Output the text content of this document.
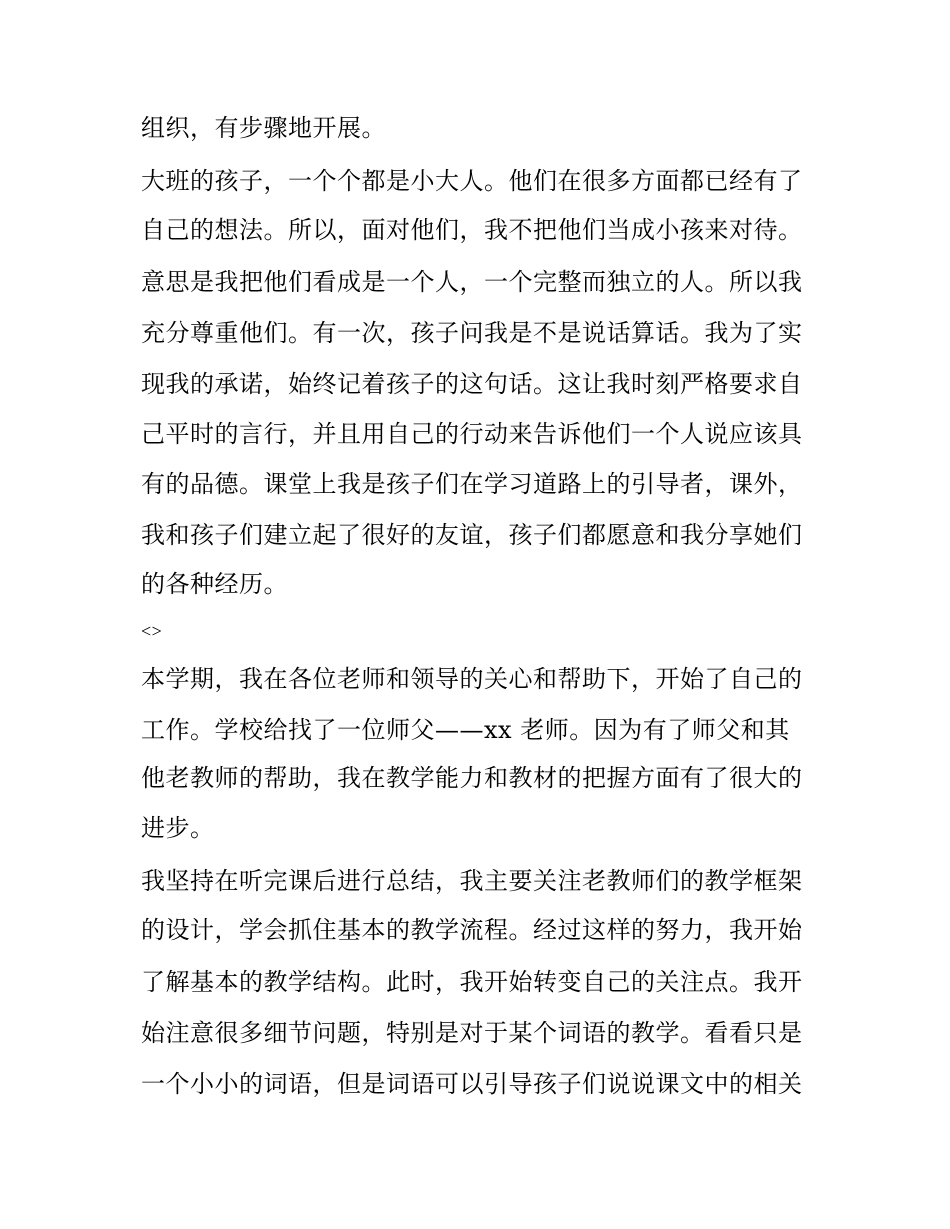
组织，有步骤地开展。
大班的孩子，一个个都是小大人。他们在很多方面都已经有了
自己的想法。所以，面对他们，我不把他们当成小孩来对待。
意思是我把他们看成是一个人，一个完整而独立的人。所以我
充分尊重他们。有一次，孩子问我是不是说话算话。我为了实
现我的承诺，始终记着孩子的这句话。这让我时刻严格要求自
己平时的言行，并且用自己的行动来告诉他们一个人说应该具
有的品德。课堂上我是孩子们在学习道路上的引导者，课外，
我和孩子们建立起了很好的友谊，孩子们都愿意和我分享她们
的各种经历。
<>
本学期，我在各位老师和领导的关心和帮助下，开始了自己的
工作。学校给找了一位师父——xx 老师。因为有了师父和其
他老教师的帮助，我在教学能力和教材的把握方面有了很大的
进步。
我坚持在听完课后进行总结，我主要关注老教师们的教学框架
的设计，学会抓住基本的教学流程。经过这样的努力，我开始
了解基本的教学结构。此时，我开始转变自己的关注点。我开
始注意很多细节问题，特别是对于某个词语的教学。看看只是
一个小小的词语，但是词语可以引导孩子们说说课文中的相关
